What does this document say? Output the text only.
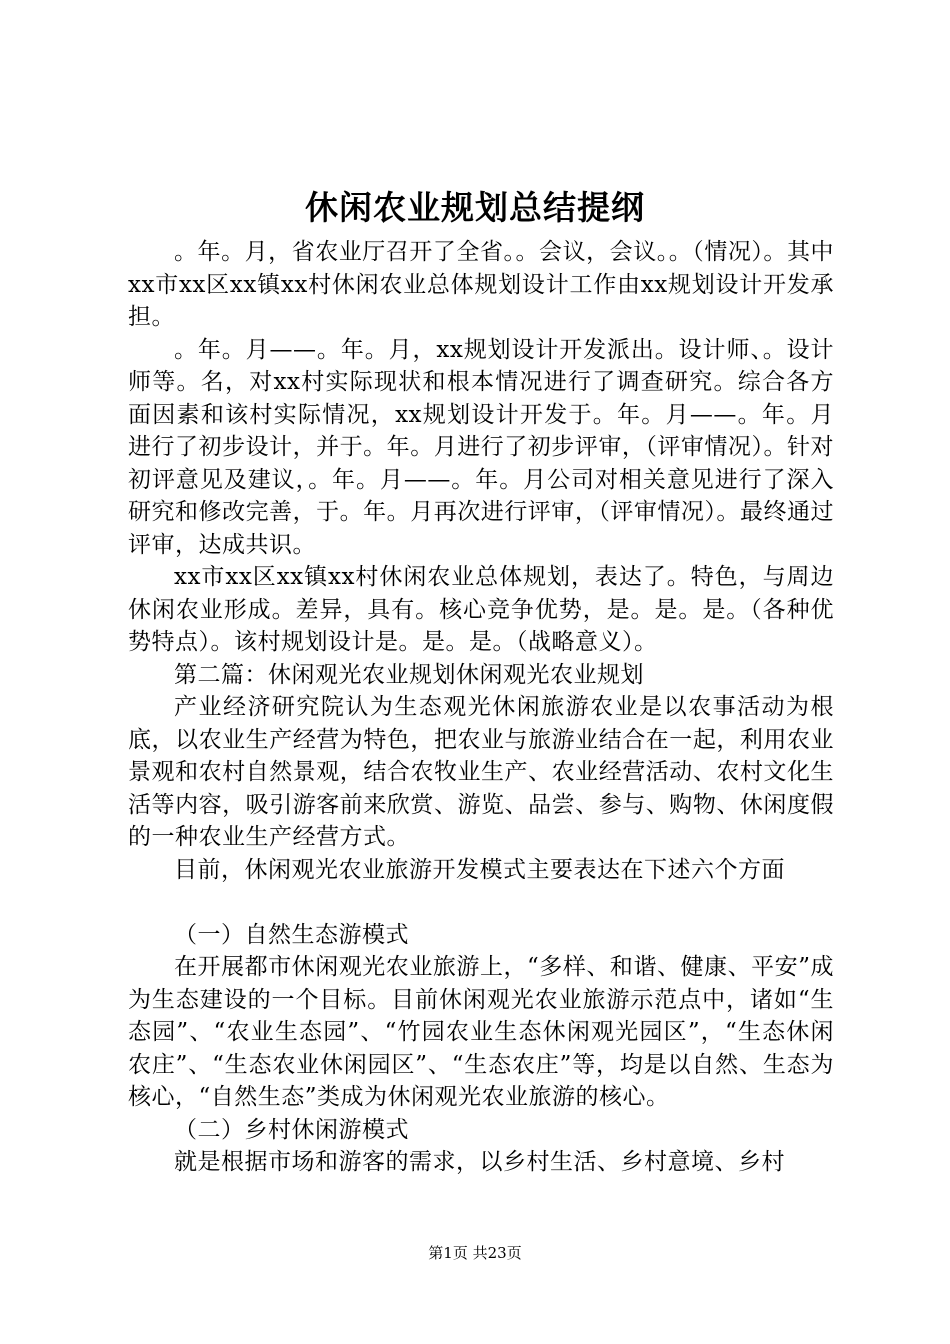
休闲农业规划总结提纲

。年。月，省农业厅召开了全省。。会议，会议。。（情况）。其中xx市xx区xx镇xx村休闲农业总体规划设计工作由xx规划设计开发承担。

。年。月——。年。月，xx规划设计开发派出。设计师、。设计师等。名，对xx村实际现状和根本情况进行了调查研究。综合各方面因素和该村实际情况，xx规划设计开发于。年。月——。年。月进行了初步设计，并于。年。月进行了初步评审，（评审情况）。针对初评意见及建议，。年。月——。年。月公司对相关意见进行了深入研究和修改完善，于。年。月再次进行评审，（评审情况）。最终通过评审，达成共识。

xx市xx区xx镇xx村休闲农业总体规划，表达了。特色，与周边休闲农业形成。差异，具有。核心竞争优势，是。是。是。（各种优势特点）。该村规划设计是。是。是。（战略意义）。

第二篇：休闲观光农业规划休闲观光农业规划

产业经济研究院认为生态观光休闲旅游农业是以农事活动为根底，以农业生产经营为特色，把农业与旅游业结合在一起，利用农业景观和农村自然景观，结合农牧业生产、农业经营活动、农村文化生活等内容，吸引游客前来欣赏、游览、品尝、参与、购物、休闲度假的一种农业生产经营方式。

目前，休闲观光农业旅游开发模式主要表达在下述六个方面

（一）自然生态游模式

在开展都市休闲观光农业旅游上，“多样、和谐、健康、平安”成为生态建设的一个目标。目前休闲观光农业旅游示范点中，诸如“生态园”、“农业生态园”、“竹园农业生态休闲观光园区”，“生态休闲农庄”、“生态农业休闲园区”、“生态农庄”等，均是以自然、生态为核心，“自然生态”类成为休闲观光农业旅游的核心。

（二）乡村休闲游模式

就是根据市场和游客的需求，以乡村生活、乡村意境、乡村

第1页 共23页
